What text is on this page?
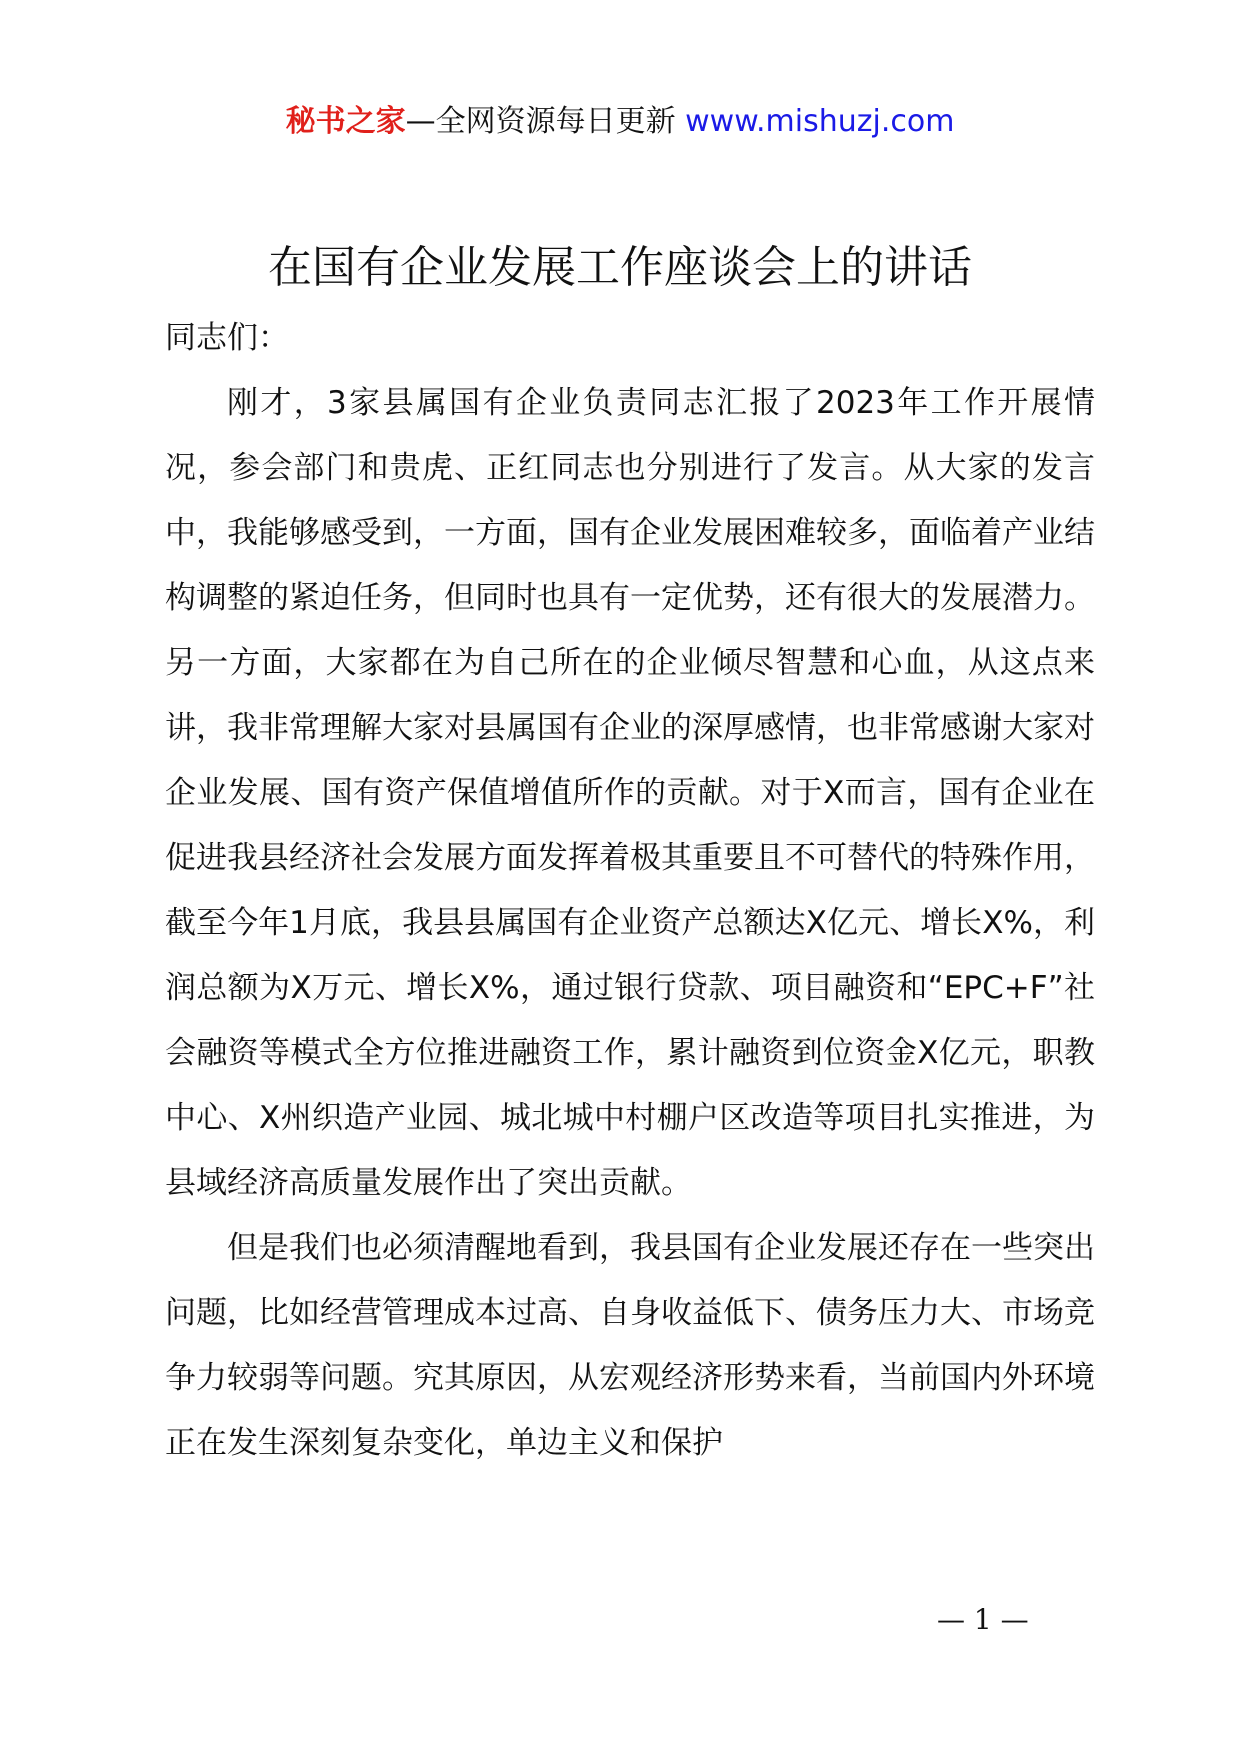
秘书之家—全网资源每日更新 www.mishuzj.com
在国有企业发展工作座谈会上的讲话

同志们：

刚才，3家县属国有企业负责同志汇报了2023年工作开展情况，参会部门和贵虎、正红同志也分别进行了发言。从大家的发言中，我能够感受到，一方面，国有企业发展困难较多，面临着产业结构调整的紧迫任务，但同时也具有一定优势，还有很大的发展潜力。另一方面，大家都在为自己所在的企业倾尽智慧和心血，从这点来讲，我非常理解大家对县属国有企业的深厚感情，也非常感谢大家对企业发展、国有资产保值增值所作的贡献。对于X而言，国有企业在促进我县经济社会发展方面发挥着极其重要且不可替代的特殊作用，截至今年1月底，我县县属国有企业资产总额达X亿元、增长X%，利润总额为X万元、增长X%，通过银行贷款、项目融资和“EPC+F”社会融资等模式全方位推进融资工作，累计融资到位资金X亿元，职教中心、X州织造产业园、城北城中村棚户区改造等项目扎实推进，为县域经济高质量发展作出了突出贡献。

但是我们也必须清醒地看到，我县国有企业发展还存在一些突出问题，比如经营管理成本过高、自身收益低下、债务压力大、市场竞争力较弱等问题。究其原因，从宏观经济形势来看，当前国内外环境正在发生深刻复杂变化，单边主义和保护

— 1 —
